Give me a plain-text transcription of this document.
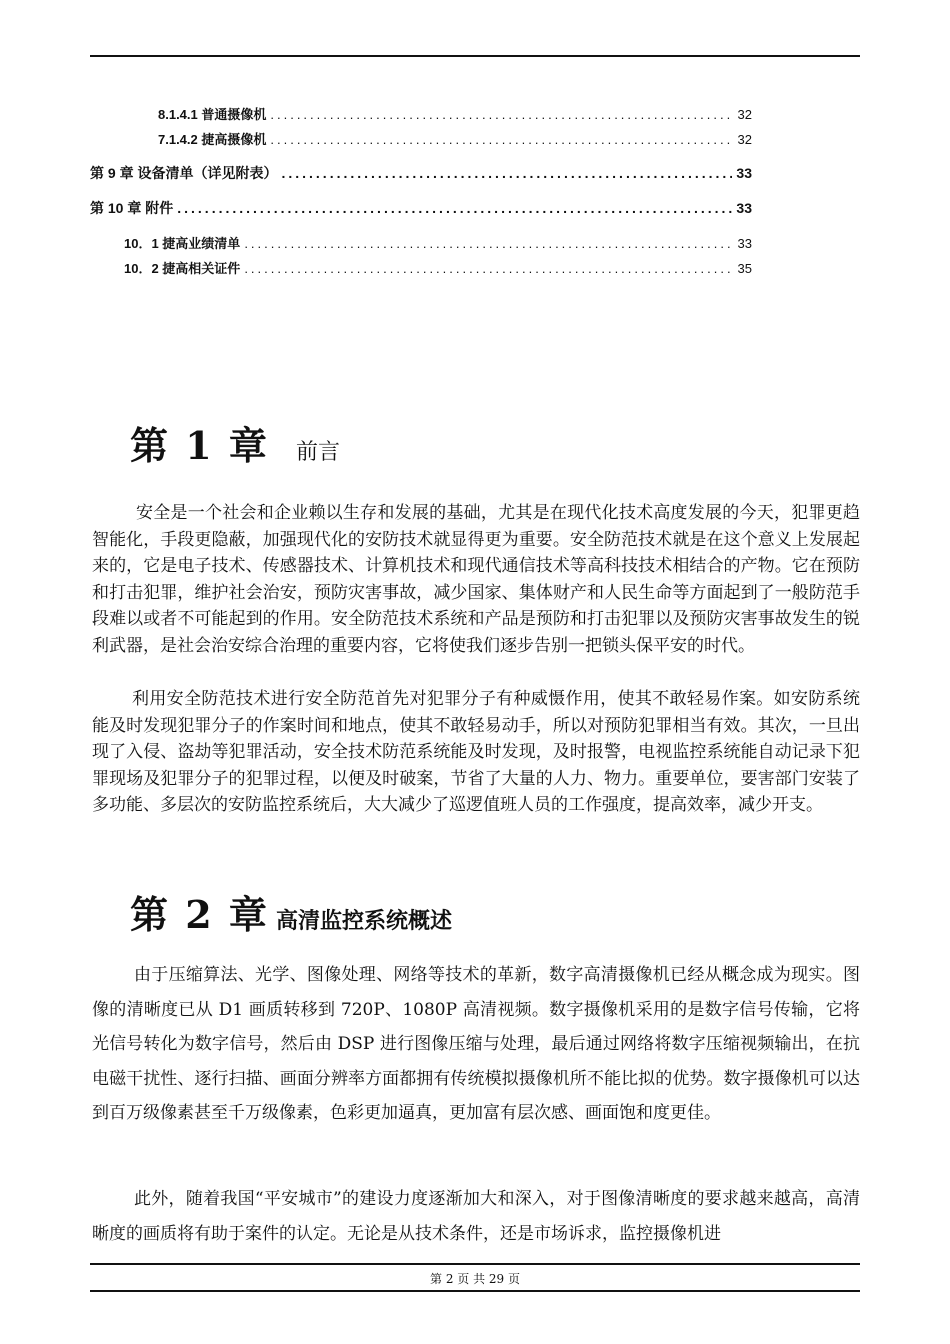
8.1.4.1 普通摄像机 .....	32
7.1.4.2 捷高摄像机 .....	32
第 9 章 设备清单（详见附表） .....	33
第 10 章 附件 .....	33
10．1 捷高业绩清单 .....	33
10．2 捷高相关证件 .....	35
第 1 章 前言

安全是一个社会和企业赖以生存和发展的基础，尤其是在现代化技术高度发展的今天，犯罪更趋智能化，手段更隐蔽，加强现代化的安防技术就显得更为重要。安全防范技术就是在这个意义上发展起来的，它是电子技术、传感器技术、计算机技术和现代通信技术等高科技技术相结合的产物。它在预防和打击犯罪，维护社会治安，预防灾害事故，减少国家、集体财产和人民生命等方面起到了一般防范手段难以或者不可能起到的作用。安全防范技术系统和产品是预防和打击犯罪以及预防灾害事故发生的锐利武器，是社会治安综合治理的重要内容，它将使我们逐步告别一把锁头保平安的时代。

利用安全防范技术进行安全防范首先对犯罪分子有种威慑作用，使其不敢轻易作案。如安防系统能及时发现犯罪分子的作案时间和地点，使其不敢轻易动手，所以对预防犯罪相当有效。其次，一旦出现了入侵、盗劫等犯罪活动，安全技术防范系统能及时发现，及时报警，电视监控系统能自动记录下犯罪现场及犯罪分子的犯罪过程，以便及时破案，节省了大量的人力、物力。重要单位，要害部门安装了多功能、多层次的安防监控系统后，大大减少了巡逻值班人员的工作强度，提高效率，减少开支。

第 2 章 高清监控系统概述

由于压缩算法、光学、图像处理、网络等技术的革新，数字高清摄像机已经从概念成为现实。图像的清晰度已从 D1 画质转移到 720P、1080P 高清视频。数字摄像机采用的是数字信号传输，它将光信号转化为数字信号，然后由 DSP 进行图像压缩与处理，最后通过网络将数字压缩视频输出，在抗电磁干扰性、逐行扫描、画面分辨率方面都拥有传统模拟摄像机所不能比拟的优势。数字摄像机可以达到百万级像素甚至千万级像素，色彩更加逼真，更加富有层次感、画面饱和度更佳。

此外，随着我国“平安城市”的建设力度逐渐加大和深入，对于图像清晰度的要求越来越高，高清晰度的画质将有助于案件的认定。无论是从技术条件，还是市场诉求，监控摄像机进

第 2 页 共 29 页
